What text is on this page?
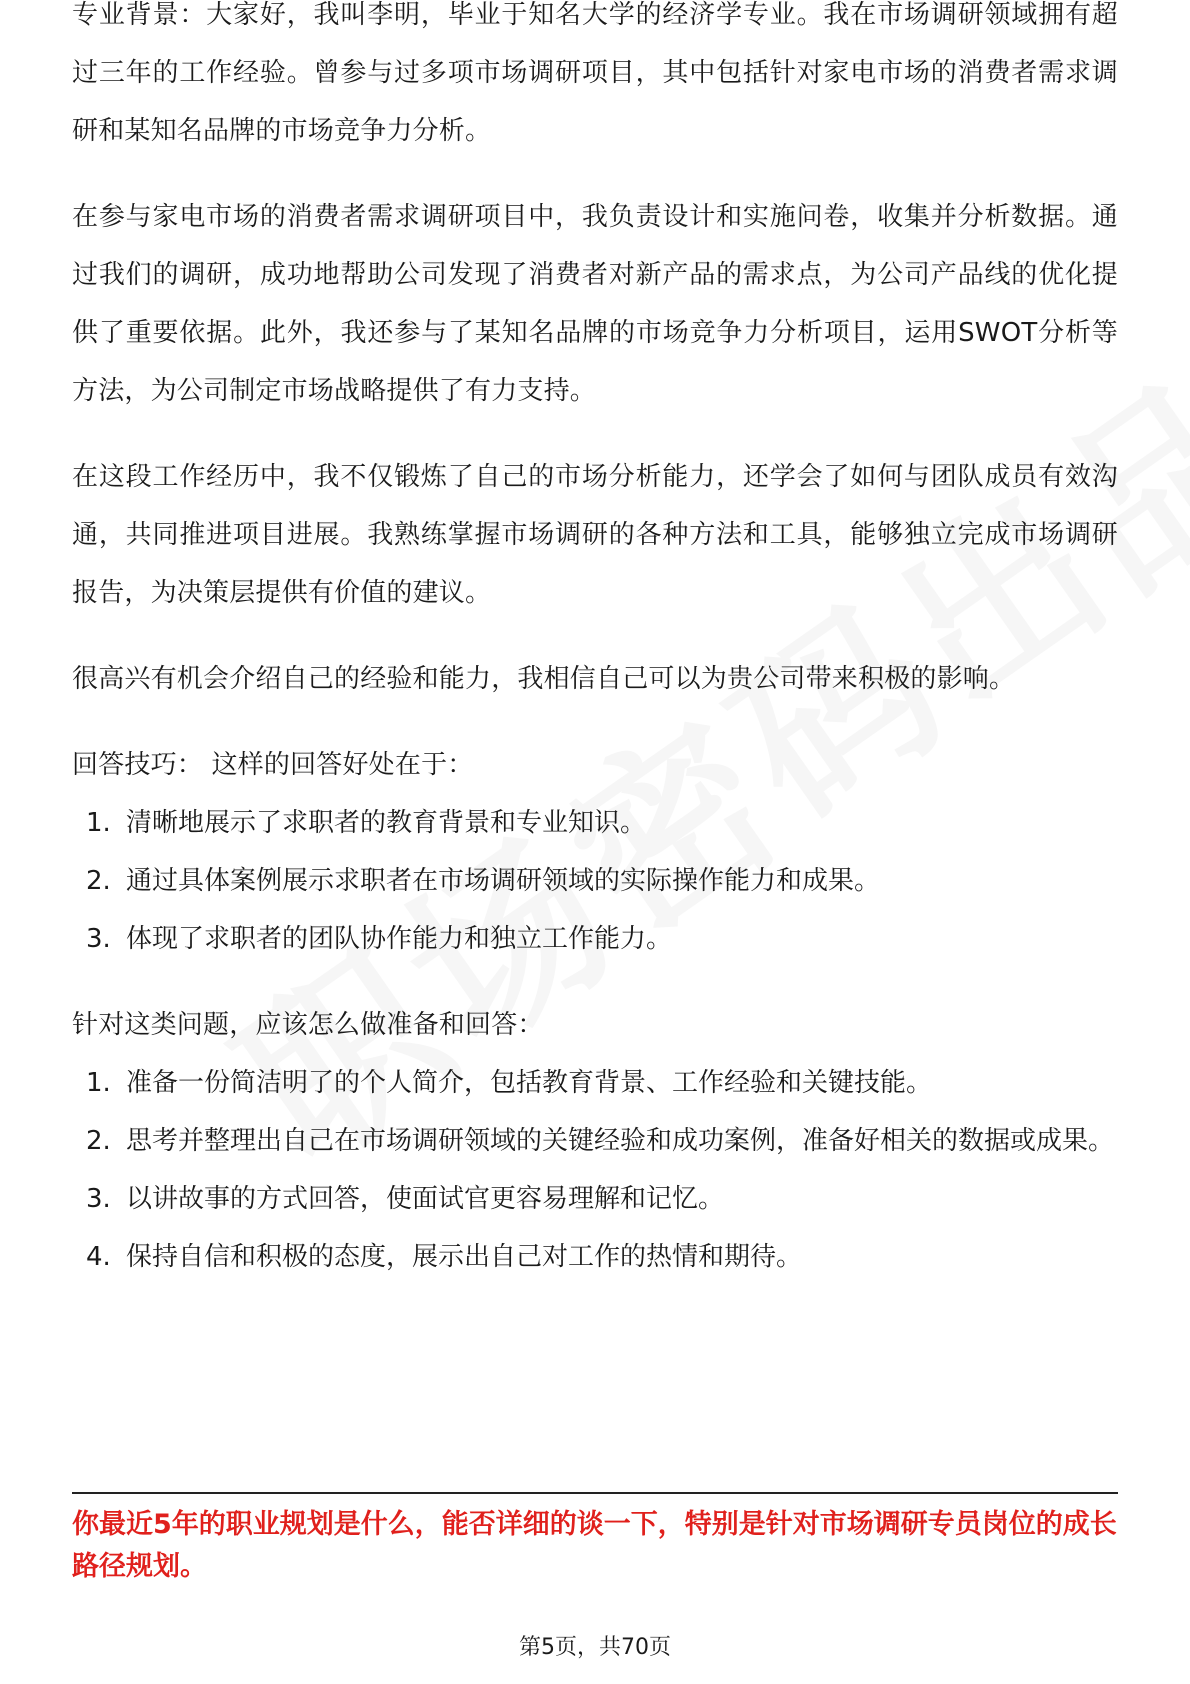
专业背景：大家好，我叫李明，毕业于知名大学的经济学专业。我在市场调研领域拥有超过三年的工作经验。曾参与过多项市场调研项目，其中包括针对家电市场的消费者需求调研和某知名品牌的市场竞争力分析。

在参与家电市场的消费者需求调研项目中，我负责设计和实施问卷，收集并分析数据。通过我们的调研，成功地帮助公司发现了消费者对新产品的需求点，为公司产品线的优化提供了重要依据。此外，我还参与了某知名品牌的市场竞争力分析项目，运用SWOT分析等方法，为公司制定市场战略提供了有力支持。

在这段工作经历中，我不仅锻炼了自己的市场分析能力，还学会了如何与团队成员有效沟通，共同推进项目进展。我熟练掌握市场调研的各种方法和工具，能够独立完成市场调研报告，为决策层提供有价值的建议。

很高兴有机会介绍自己的经验和能力，我相信自己可以为贵公司带来积极的影响。

回答技巧： 这样的回答好处在于：

1. 清晰地展示了求职者的教育背景和专业知识。
2. 通过具体案例展示求职者在市场调研领域的实际操作能力和成果。
3. 体现了求职者的团队协作能力和独立工作能力。

针对这类问题，应该怎么做准备和回答：

1. 准备一份简洁明了的个人简介，包括教育背景、工作经验和关键技能。
2. 思考并整理出自己在市场调研领域的关键经验和成功案例，准备好相关的数据或成果。
3. 以讲故事的方式回答，使面试官更容易理解和记忆。
4. 保持自信和积极的态度，展示出自己对工作的热情和期待。

你最近5年的职业规划是什么，能否详细的谈一下，特别是针对市场调研专员岗位的成长路径规划。

第5页，共70页
